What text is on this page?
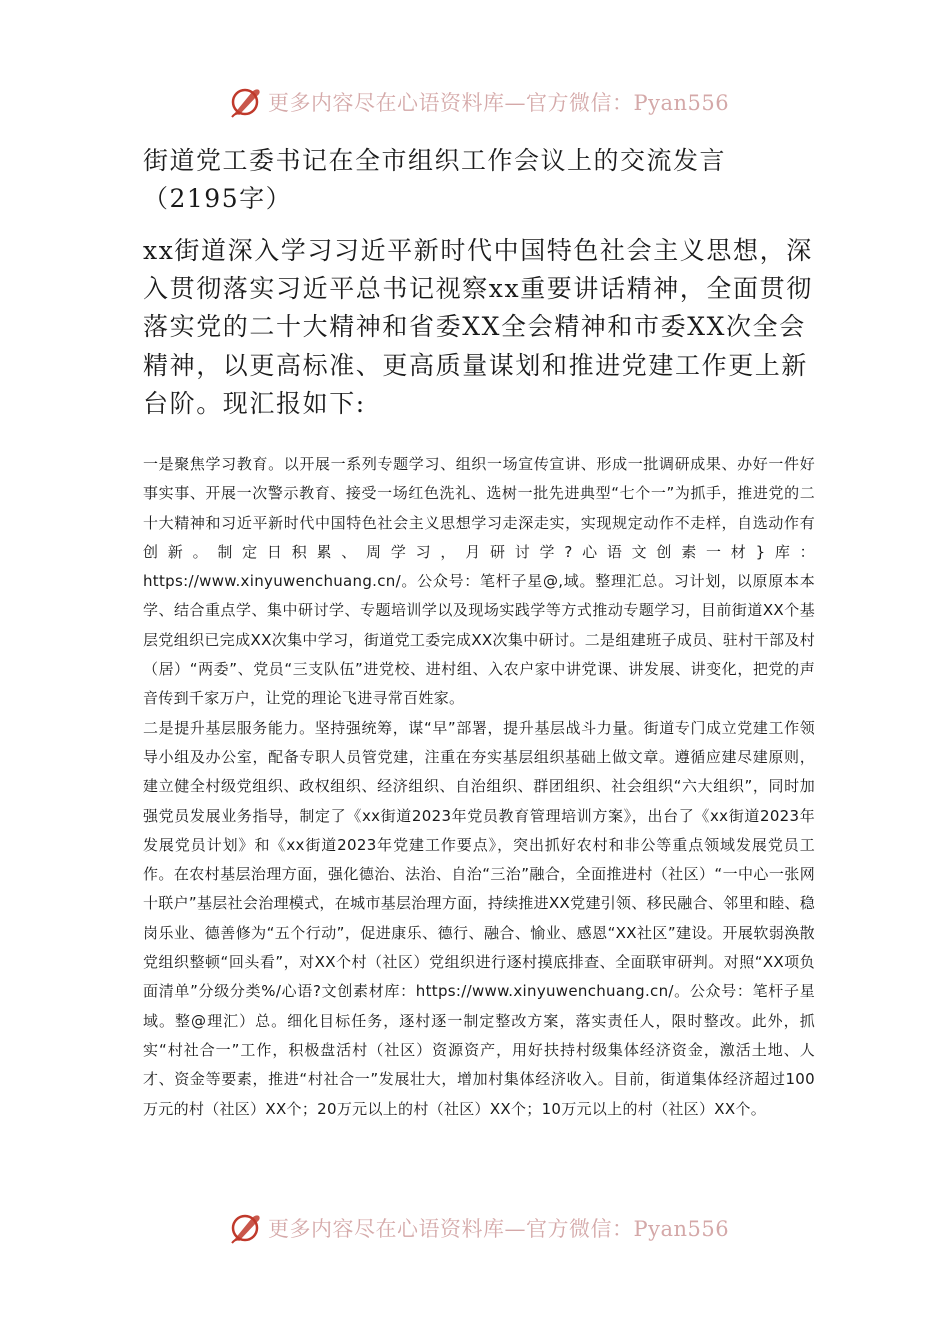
更多内容尽在心语资料库—官方微信：Pyan556
街道党工委书记在全市组织工作会议上的交流发言（2195字）

xx街道深入学习习近平新时代中国特色社会主义思想，深入贯彻落实习近平总书记视察xx重要讲话精神，全面贯彻落实党的二十大精神和省委XX全会精神和市委XX次全会精神，以更高标准、更高质量谋划和推进党建工作更上新台阶。现汇报如下:

一是聚焦学习教育。以开展一系列专题学习、组织一场宣传宣讲、形成一批调研成果、办好一件好事实事、开展一次警示教育、接受一场红色洗礼、选树一批先进典型“七个一”为抓手，推进党的二十大精神和习近平新时代中国特色社会主义思想学习走深走实，实现规定动作不走样，自选动作有创新。制定日积累、周学习，月研讨学?心语文创素一材}库：https://www.xinyuwenchuang.cn/。公众号：笔杆子星@,域。整理汇总。习计划，以原原本本学、结合重点学、集中研讨学、专题培训学以及现场实践学等方式推动专题学习，目前街道XX个基层党组织已完成XX次集中学习，街道党工委完成XX次集中研讨。二是组建班子成员、驻村干部及村（居）“两委”、党员“三支队伍”进党校、进村组、入农户家中讲党课、讲发展、讲变化，把党的声音传到千家万户，让党的理论飞进寻常百姓家。

二是提升基层服务能力。坚持强统筹，谋“早”部署，提升基层战斗力量。街道专门成立党建工作领导小组及办公室，配备专职人员管党建，注重在夯实基层组织基础上做文章。遵循应建尽建原则，建立健全村级党组织、政权组织、经济组织、自治组织、群团组织、社会组织“六大组织”，同时加强党员发展业务指导，制定了《xx街道2023年党员教育管理培训方案》，出台了《xx街道2023年发展党员计划》和《xx街道2023年党建工作要点》，突出抓好农村和非公等重点领域发展党员工作。在农村基层治理方面，强化德治、法治、自治“三治”融合，全面推进村（社区）“一中心一张网十联户”基层社会治理模式，在城市基层治理方面，持续推进XX党建引领、移民融合、邻里和睦、稳岗乐业、德善修为“五个行动”，促进康乐、德行、融合、愉业、感恩“XX社区”建设。开展软弱涣散党组织整顿“回头看”，对XX个村（社区）党组织进行逐村摸底排查、全面联审研判。对照“XX项负面清单”分级分类%/心语?文创素材库：https://www.xinyuwenchuang.cn/。公众号：笔杆子星域。整@理汇）总。细化目标任务，逐村逐一制定整改方案，落实责任人，限时整改。此外，抓实“村社合一”工作，积极盘活村（社区）资源资产，用好扶持村级集体经济资金，激活土地、人才、资金等要素，推进“村社合一”发展壮大，增加村集体经济收入。目前，街道集体经济超过100万元的村（社区）XX个；20万元以上的村（社区）XX个；10万元以上的村（社区）XX个。

更多内容尽在心语资料库—官方微信：Pyan556
